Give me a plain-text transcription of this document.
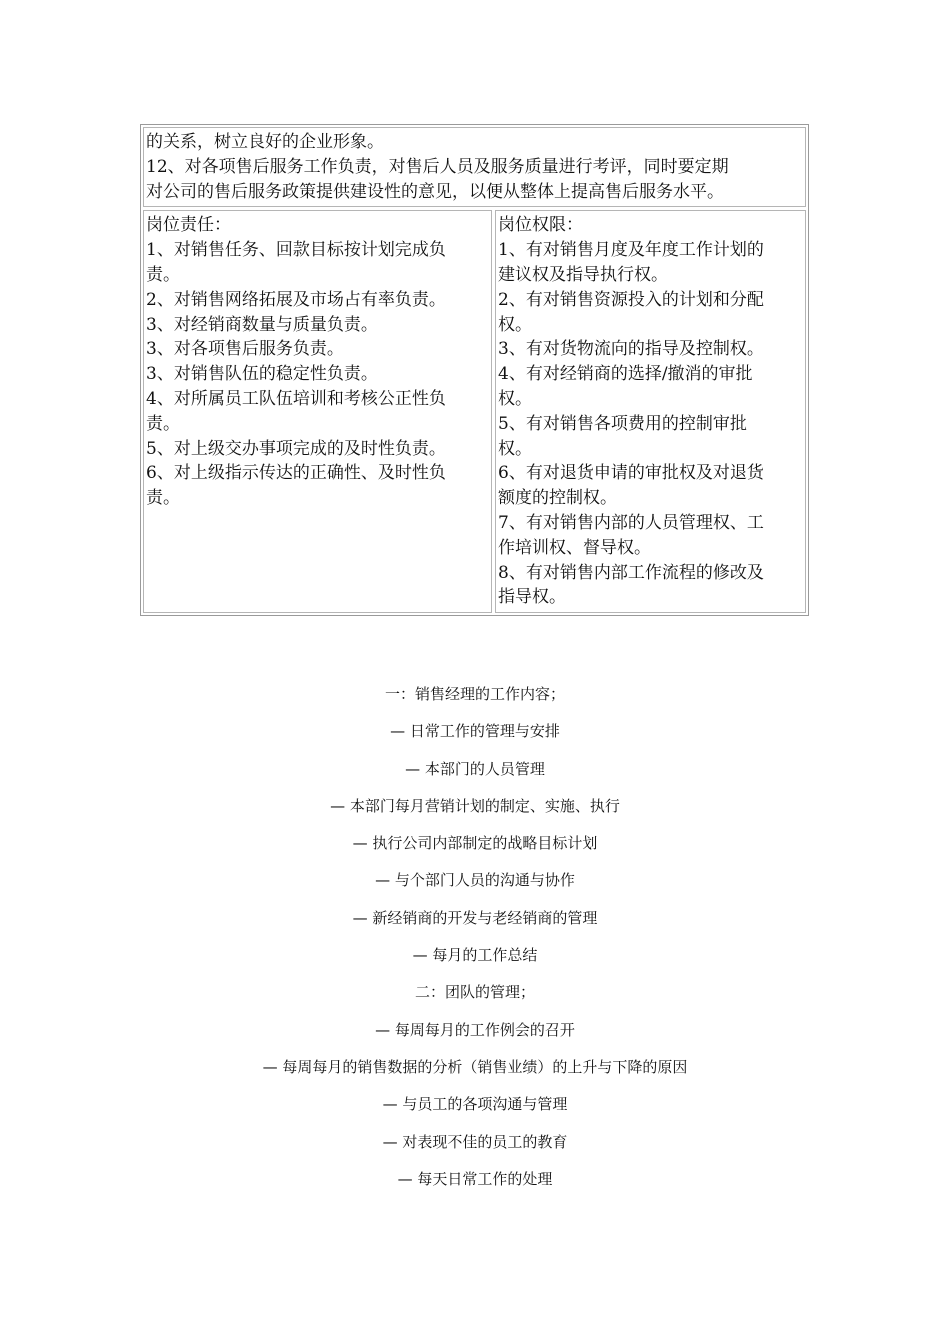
的关系，树立良好的企业形象。
12、对各项售后服务工作负责，对售后人员及服务质量进行考评，同时要定期
对公司的售后服务政策提供建设性的意见，以便从整体上提高售后服务水平。
岗位责任：
1、对销售任务、回款目标按计划完成负
责。
2、对销售网络拓展及市场占有率负责。
3、对经销商数量与质量负责。
3、对各项售后服务负责。
3、对销售队伍的稳定性负责。
4、对所属员工队伍培训和考核公正性负
责。
5、对上级交办事项完成的及时性负责。
6、对上级指示传达的正确性、及时性负
责。
岗位权限：
1、有对销售月度及年度工作计划的
建议权及指导执行权。
2、有对销售资源投入的计划和分配
权。
3、有对货物流向的指导及控制权。
4、有对经销商的选择/撤消的审批
权。
5、有对销售各项费用的控制审批
权。
6、有对退货申请的审批权及对退货
额度的控制权。
7、有对销售内部的人员管理权、工
作培训权、督导权。
8、有对销售内部工作流程的修改及
指导权。
一：销售经理的工作内容；
— 日常工作的管理与安排
— 本部门的人员管理
— 本部门每月营销计划的制定、实施、执行
— 执行公司内部制定的战略目标计划
— 与个部门人员的沟通与协作
— 新经销商的开发与老经销商的管理
— 每月的工作总结
二：团队的管理；
— 每周每月的工作例会的召开
— 每周每月的销售数据的分析（销售业绩）的上升与下降的原因
— 与员工的各项沟通与管理
— 对表现不佳的员工的教育
— 每天日常工作的处理
